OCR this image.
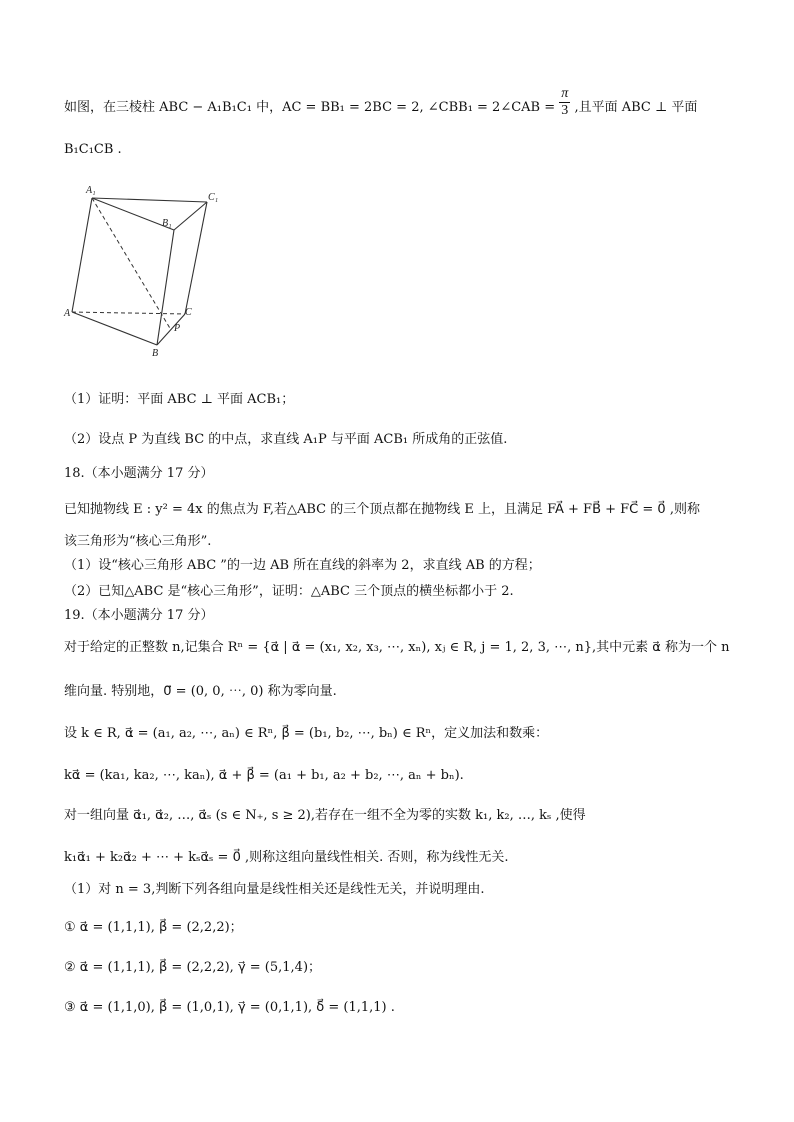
如图，在三棱柱 ABC − A₁B₁C₁ 中，AC = BB₁ = 2BC = 2, ∠CBB₁ = 2∠CAB = $\frac{\pi}{3}$ ,且平面 ABC ⊥ 平面
B₁C₁CB .
A₁
C₁
B₁
A	C
P
B
（1）证明：平面 ABC ⊥ 平面 ACB₁；
（2）设点 P 为直线 BC 的中点，求直线 A₁P 与平面 ACB₁ 所成角的正弦值.
18.（本小题满分 17 分）
已知抛物线 E : y² = 4x 的焦点为 F,若△ABC 的三个顶点都在抛物线 E 上，且满足 FA⃗ + FB⃗ + FC⃗ = 0⃗ ,则称
该三角形为“核心三角形”.
（1）设“核心三角形 ABC ”的一边 AB 所在直线的斜率为 2，求直线 AB 的方程；
（2）已知△ABC 是“核心三角形”，证明：△ABC 三个顶点的横坐标都小于 2.
19.（本小题满分 17 分）
对于给定的正整数 n,记集合 Rⁿ = {α⃗ | α⃗ = (x₁, x₂, x₃, ⋯, xₙ), xⱼ ∈ R, j = 1, 2, 3, ⋯, n},其中元素 α⃗ 称为一个 n
维向量. 特别地，0⃗ = (0, 0, ⋯, 0) 称为零向量.
设 k ∈ R, α⃗ = (a₁, a₂, ⋯, aₙ) ∈ Rⁿ, β⃗ = (b₁, b₂, ⋯, bₙ) ∈ Rⁿ，定义加法和数乘：
kα⃗ = (ka₁, ka₂, ⋯, kaₙ), α⃗ + β⃗ = (a₁ + b₁, a₂ + b₂, ⋯, aₙ + bₙ).
对一组向量 α⃗₁, α⃗₂, …, α⃗ₛ (s ∈ N₊, s ≥ 2),若存在一组不全为零的实数 k₁, k₂, …, kₛ ,使得
k₁α⃗₁ + k₂α⃗₂ + ⋯ + kₛα⃗ₛ = 0⃗ ,则称这组向量线性相关. 否则，称为线性无关.
（1）对 n = 3,判断下列各组向量是线性相关还是线性无关，并说明理由.
① α⃗ = (1,1,1), β⃗ = (2,2,2)；
② α⃗ = (1,1,1), β⃗ = (2,2,2), γ⃗ = (5,1,4)；
③ α⃗ = (1,1,0), β⃗ = (1,0,1), γ⃗ = (0,1,1), δ⃗ = (1,1,1) .
